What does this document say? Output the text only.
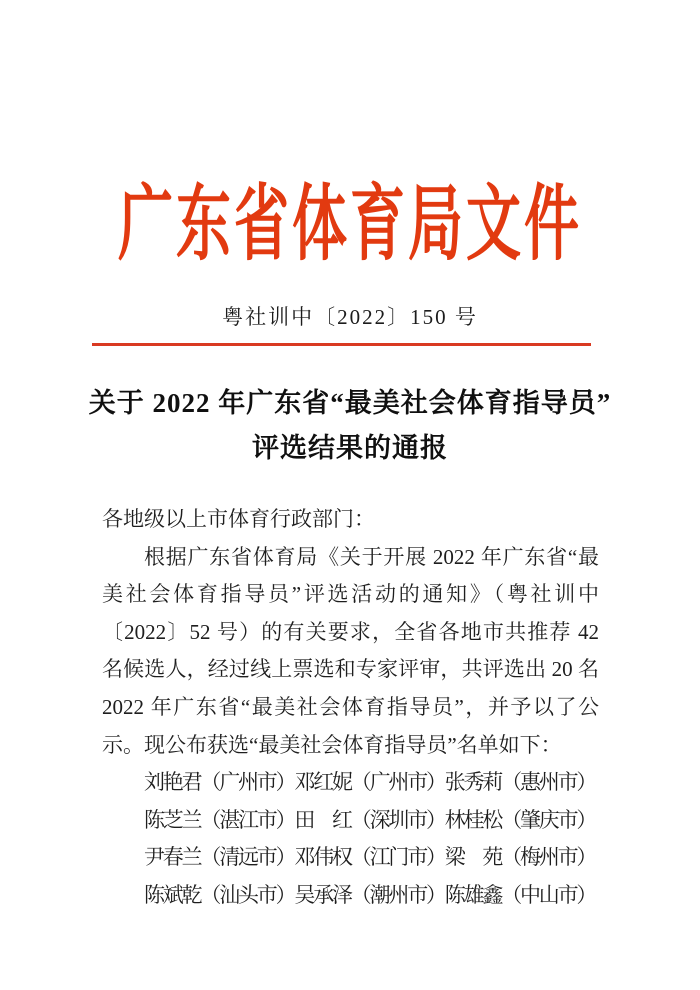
广东省体育局文件
粤社训中〔2022〕150 号
关于 2022 年广东省“最美社会体育指导员”
评选结果的通报

各地级以上市体育行政部门：

根据广东省体育局《关于开展 2022 年广东省“最美社会体育指导员”评选活动的通知》（粤社训中〔2022〕52 号）的有关要求，全省各地市共推荐 42 名候选人，经过线上票选和专家评审，共评选出 20 名 2022 年广东省“最美社会体育指导员”，并予以了公示。现公布获选“最美社会体育指导员”名单如下：

刘艳君（广州市）邓红妮（广州市）张秀莉（惠州市）

陈芝兰（湛江市）田　红（深圳市）林桂松（肇庆市）

尹春兰（清远市）邓伟权（江门市）梁　苑（梅州市）

陈斌乾（汕头市）吴承泽（潮州市）陈雄鑫（中山市）
